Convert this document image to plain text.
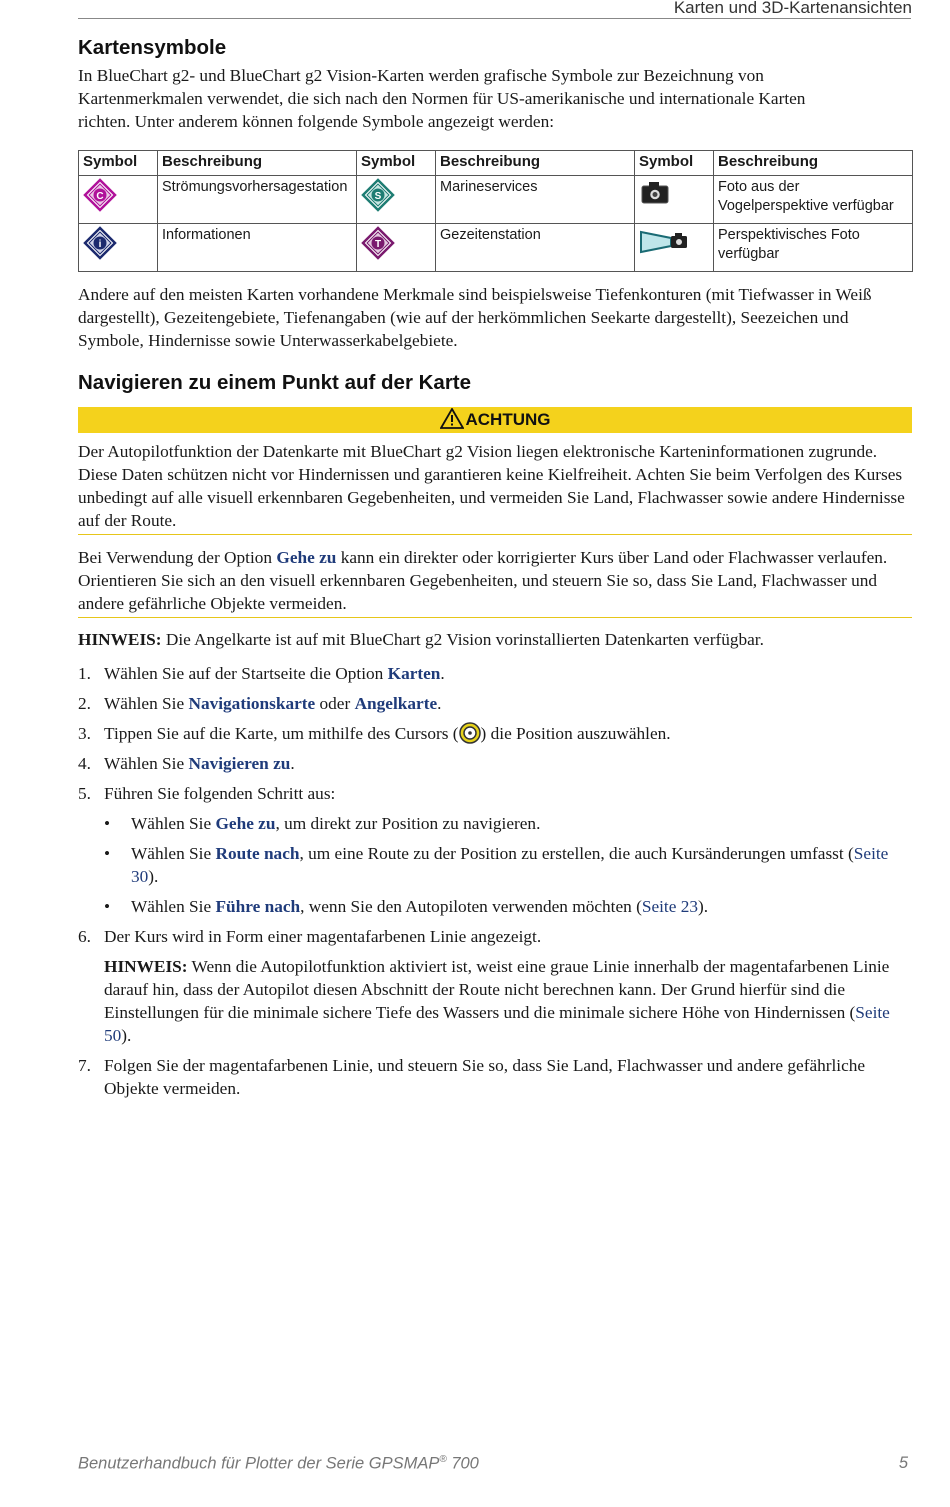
Karten und 3D-Kartenansichten
Kartensymbole

In BlueChart g2- und BlueChart g2 Vision-Karten werden grafische Symbole zur Bezeichnung von Kartenmerkmalen verwendet, die sich nach den Normen für US-amerikanische und internationale Karten richten. Unter anderem können folgende Symbole angezeigt werden:

Symbol	Beschreibung	Symbol	Beschreibung	Symbol	Beschreibung

C	Strömungsvorhersagestation	S	Marineservices		Foto aus der Vogelperspektive verfügbar

i	Informationen	T	Gezeitenstation		Perspektivisches Foto verfügbar

Andere auf den meisten Karten vorhandene Merkmale sind beispielsweise Tiefenkonturen (mit Tiefwasser in Weiß dargestellt), Gezeitengebiete, Tiefenangaben (wie auf der herkömmlichen Seekarte dargestellt), Seezeichen und Symbole, Hindernisse sowie Unterwasserkabelgebiete.

Navigieren zu einem Punkt auf der Karte
ACHTUNG

Der Autopilotfunktion der Datenkarte mit BlueChart g2 Vision liegen elektronische Karteninformationen zugrunde. Diese Daten schützen nicht vor Hindernissen und garantieren keine Kielfreiheit. Achten Sie beim Verfolgen des Kurses unbedingt auf alle visuell erkennbaren Gegebenheiten, und vermeiden Sie Land, Flachwasser sowie andere Hindernisse auf der Route.

Bei Verwendung der Option Gehe zu kann ein direkter oder korrigierter Kurs über Land oder Flachwasser verlaufen. Orientieren Sie sich an den visuell erkennbaren Gegebenheiten, und steuern Sie so, dass Sie Land, Flachwasser und andere gefährliche Objekte vermeiden.

HINWEIS: Die Angelkarte ist auf mit BlueChart g2 Vision vorinstallierten Datenkarten verfügbar.

1. Wählen Sie auf der Startseite die Option Karten.
2. Wählen Sie Navigationskarte oder Angelkarte.
3. Tippen Sie auf die Karte, um mithilfe des Cursors ( ) die Position auszuwählen.
4. Wählen Sie Navigieren zu.
5. Führen Sie folgenden Schritt aus:
• Wählen Sie Gehe zu, um direkt zur Position zu navigieren.
• Wählen Sie Route nach, um eine Route zu der Position zu erstellen, die auch Kursänderungen umfasst (Seite 30).
• Wählen Sie Führe nach, wenn Sie den Autopiloten verwenden möchten (Seite 23).
6. Der Kurs wird in Form einer magentafarbenen Linie angezeigt.
HINWEIS: Wenn die Autopilotfunktion aktiviert ist, weist eine graue Linie innerhalb der magentafarbenen Linie darauf hin, dass der Autopilot diesen Abschnitt der Route nicht berechnen kann. Der Grund hierfür sind die Einstellungen für die minimale sichere Tiefe des Wassers und die minimale sichere Höhe von Hindernissen (Seite 50).
7. Folgen Sie der magentafarbenen Linie, und steuern Sie so, dass Sie Land, Flachwasser und andere gefährliche Objekte vermeiden.
Benutzerhandbuch für Plotter der Serie GPSMAP® 700	5
